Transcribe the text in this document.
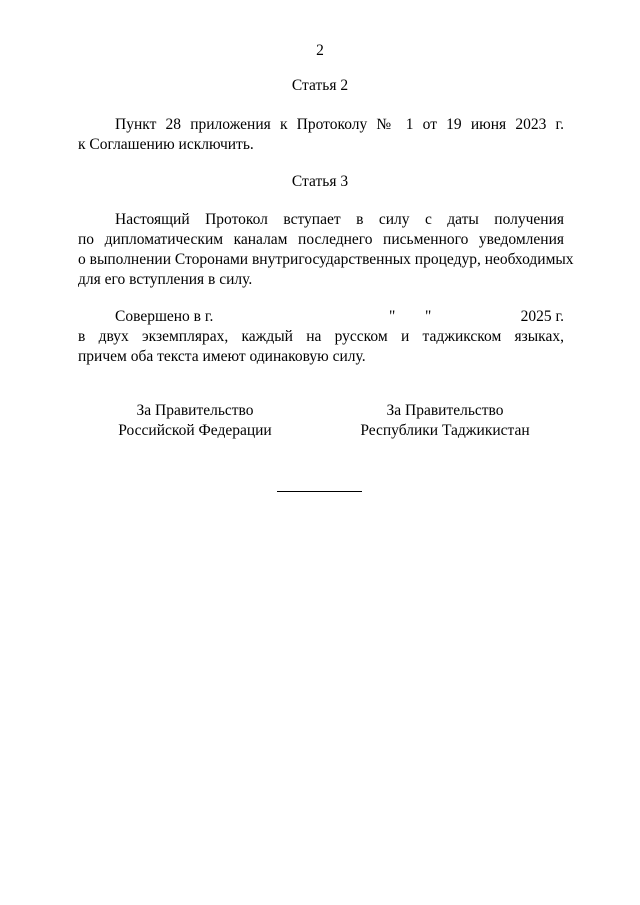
2
Статья 2
Пункт 28 приложения к Протоколу № 1 от 19 июня 2023 г.
к Соглашению исключить.
Статья 3
Настоящий Протокол вступает в силу с даты получения
по дипломатическим каналам последнего письменного уведомления
о выполнении Сторонами внутригосударственных процедур, необходимых
для его вступления в силу.
Совершено в г.	" "	2025 г.
в двух экземплярах, каждый на русском и таджикском языках,
причем оба текста имеют одинаковую силу.
За Правительство
Российской Федерации
За Правительство
Республики Таджикистан
